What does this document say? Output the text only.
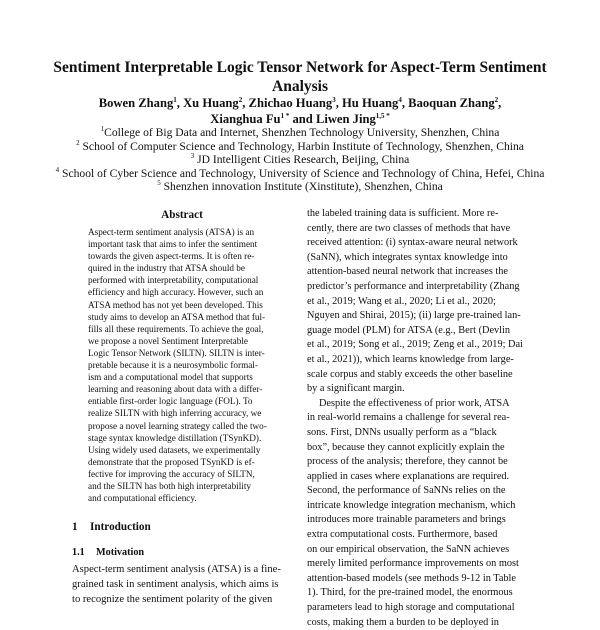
Sentiment Interpretable Logic Tensor Network for Aspect-Term Sentiment
Analysis
Bowen Zhang$^1$, Xu Huang$^2$, Zhichao Huang$^3$, Hu Huang$^4$, Baoquan Zhang$^2$,
Xianghua $Fu^{1 *}$ and Liwen Jing$^{1,5 *}$
$^1$College of Big Data and Internet, Shenzhen Technology University, Shenzhen, China
$^2$ School of Computer Science and Technology, Harbin Institute of Technology, Shenzhen, China
$^3$ JD Intelligent Cities Research, Beijing, China
$^4$ School of Cyber Science and Technology, University of Science and Technology of China, Hefei, China
$^5$ Shenzhen innovation Institute (Xinstitute), Shenzhen, China
Abstract
Aspect-term sentiment analysis (ATSA) is an
important task that aims to infer the sentiment
towards the given aspect-terms. It is often re-
quired in the industry that ATSA should be
performed with interpretability, computational
efficiency and high accuracy. However, such an
ATSA method has not yet been developed. This
study aims to develop an ATSA method that ful-
fills all these requirements. To achieve the goal,
we propose a novel Sentiment Interpretable
Logic Tensor Network (SILTN). SILTN is inter-
pretable because it is a neurosymbolic formal-
ism and a computational model that supports
learning and reasoning about data with a differ-
entiable first-order logic language (FOL). To
realize SILTN with high inferring accuracy, we
propose a novel learning strategy called the two-
stage syntax knowledge distillation (TSynKD).
Using widely used datasets, we experimentally
demonstrate that the proposed TSynKD is ef-
fective for improving the accuracy of SILTN,
and the SILTN has both high interpretability
and computational efficiency.
1 Introduction
1.1 Motivation
Aspect-term sentiment analysis (ATSA) is a fine-
grained task in sentiment analysis, which aims is
to recognize the sentiment polarity of the given
the labeled training data is sufficient. More re-
cently, there are two classes of methods that have
received attention: (i) syntax-aware neural network
(SaNN), which integrates syntax knowledge into
attention-based neural network that increases the
predictor’s performance and interpretability (Zhang
et al., 2019; Wang et al., 2020; Li et al., 2020;
Nguyen and Shirai, 2015); (ii) large pre-trained lan-
guage model (PLM) for ATSA (e.g., Bert (Devlin
et al., 2019; Song et al., 2019; Zeng et al., 2019; Dai
et al., 2021)), which learns knowledge from large-
scale corpus and stably exceeds the other baseline
by a significant margin.
Despite the effectiveness of prior work, ATSA
in real-world remains a challenge for several rea-
sons. First, DNNs usually perform as a “black
box”, because they cannot explicitly explain the
process of the analysis; therefore, they cannot be
applied in cases where explanations are required.
Second, the performance of SaNNs relies on the
intricate knowledge integration mechanism, which
introduces more trainable parameters and brings
extra computational costs. Furthermore, based
on our empirical observation, the SaNN achieves
merely limited performance improvements on most
attention-based models (see methods 9-12 in Table
1). Third, for the pre-trained model, the enormous
parameters lead to high storage and computational
costs, making them a burden to be deployed in
